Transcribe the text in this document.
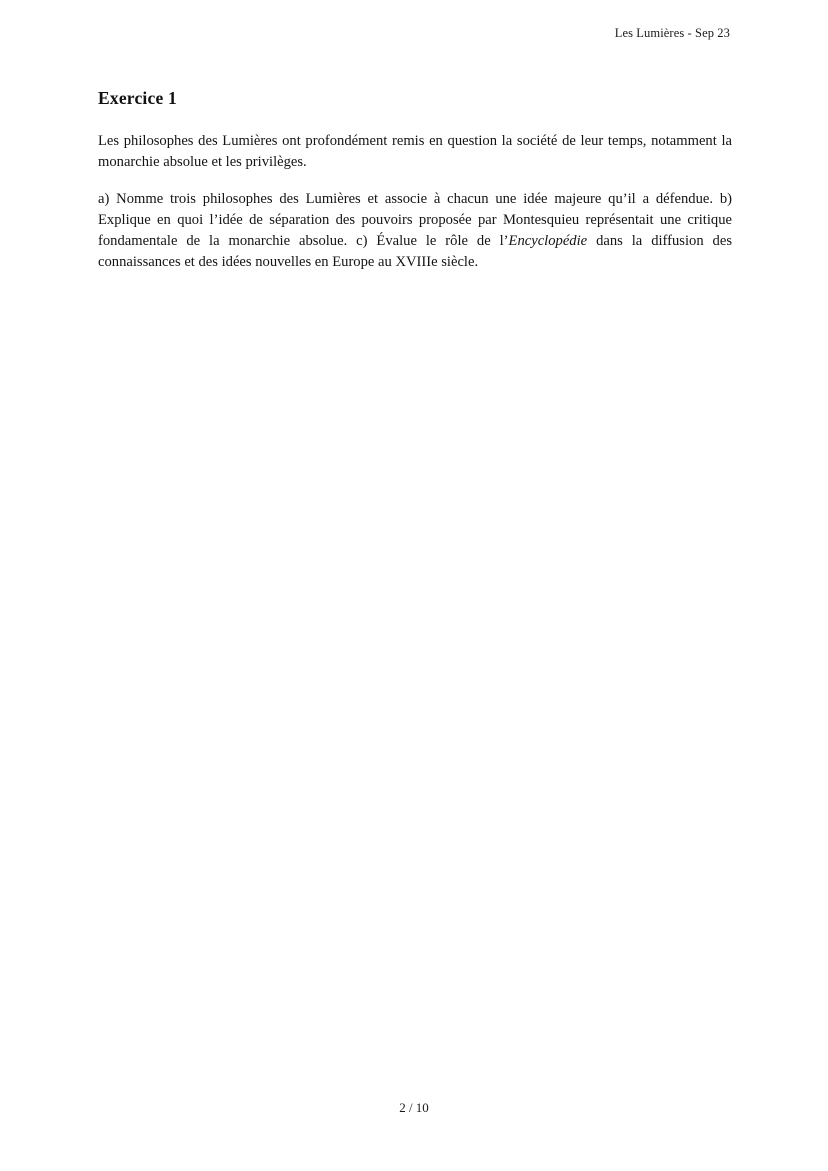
Les Lumières - Sep 23
Exercice 1

Les philosophes des Lumières ont profondément remis en question la société de leur temps, notamment la monarchie absolue et les privilèges.

a) Nomme trois philosophes des Lumières et associe à chacun une idée majeure qu’il a défendue. b) Explique en quoi l’idée de séparation des pouvoirs proposée par Montesquieu représentait une critique fondamentale de la monarchie absolue. c) Évalue le rôle de l’Encyclopédie dans la diffusion des connaissances et des idées nouvelles en Europe au XVIIIe siècle.

2 / 10
